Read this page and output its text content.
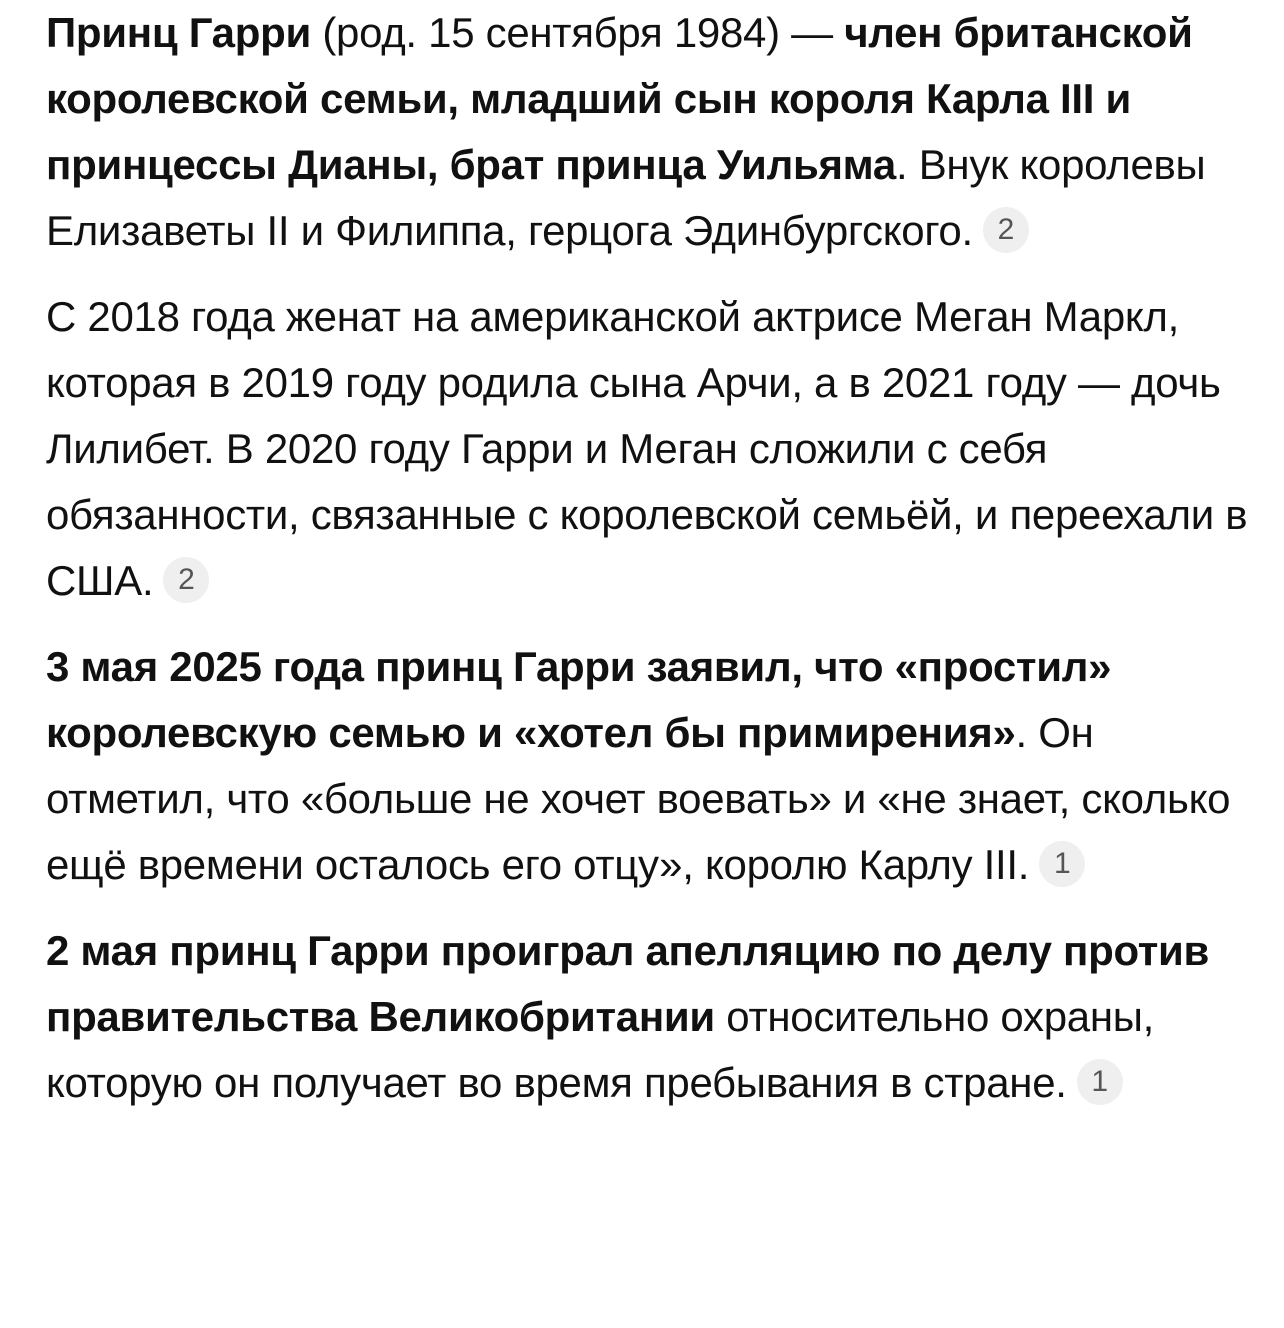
Принц Гарри (род. 15 сентября 1984) — член британской королевской семьи, младший сын короля Карла III и принцессы Дианы, брат принца Уильяма. Внук королевы Елизаветы II и Филиппа, герцога Эдинбургского. 2

С 2018 года женат на американской актрисе Меган Маркл, которая в 2019 году родила сына Арчи, а в 2021 году — дочь Лилибет. В 2020 году Гарри и Меган сложили с себя обязанности, связанные с королевской семьёй, и переехали в США. 2

3 мая 2025 года принц Гарри заявил, что «простил» королевскую семью и «хотел бы примирения». Он отметил, что «больше не хочет воевать» и «не знает, сколько ещё времени осталось его отцу», королю Карлу III. 1

2 мая принц Гарри проиграл апелляцию по делу против правительства Великобритании относительно охраны, которую он получает во время пребывания в стране. 1
